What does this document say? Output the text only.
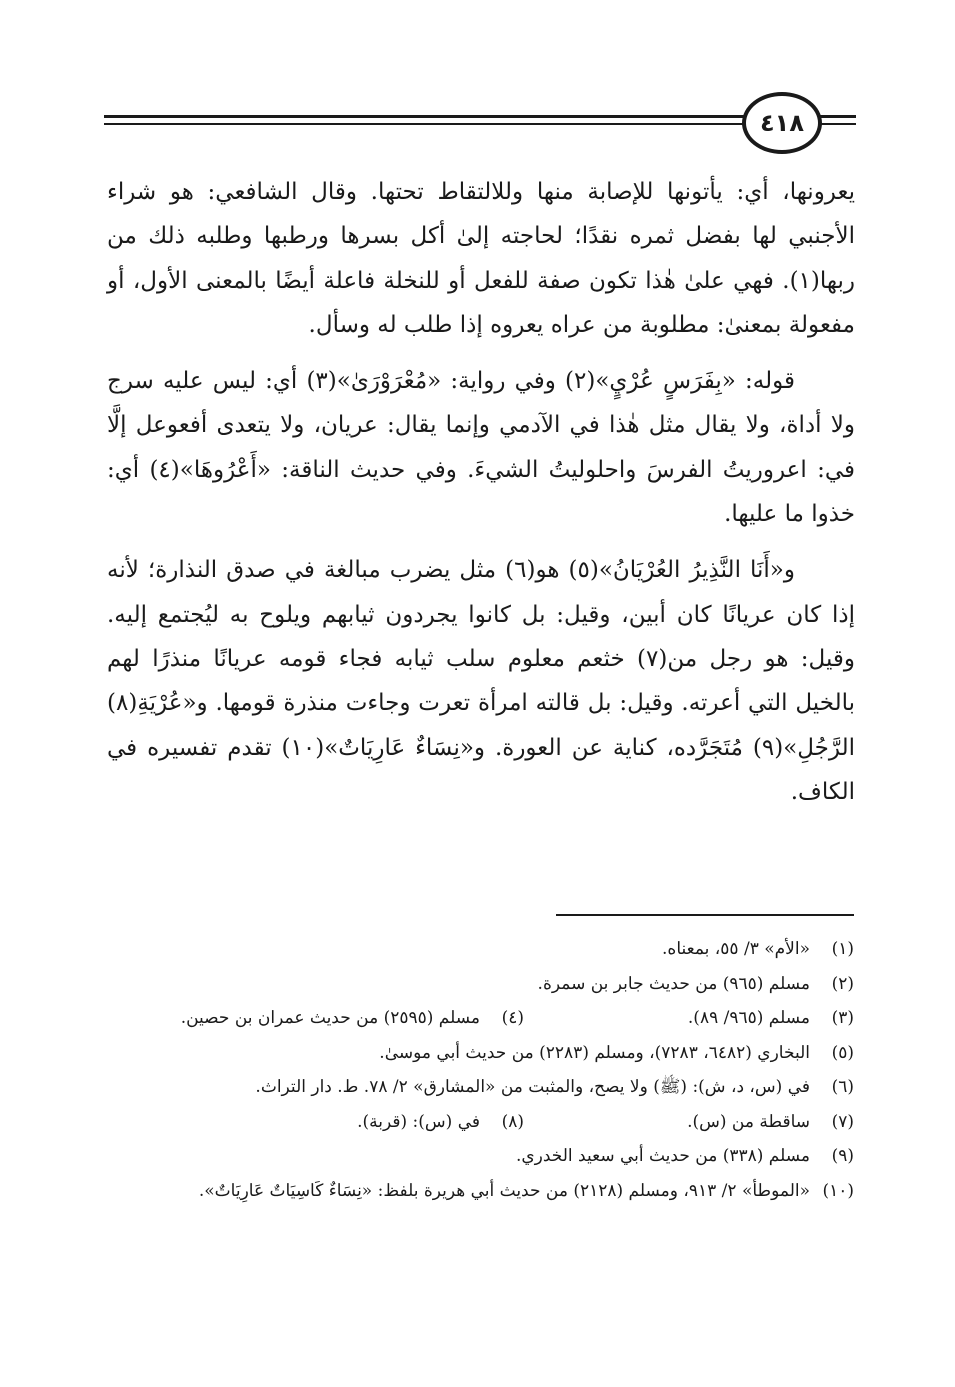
٤١٨

يعرونها، أي: يأتونها للإصابة منها وللالتقاط تحتها. وقال الشافعي: هو شراء الأجنبي لها بفضل ثمره نقدًا؛ لحاجته إلىٰ أكل بسرها ورطبها وطلبه ذلك من ربها(١). فهي علىٰ هٰذا تكون صفة للفعل أو للنخلة فاعلة أيضًا بالمعنى الأول، أو مفعولة بمعنىٰ: مطلوبة من عراه يعروه إذا طلب له وسأل.

قوله: «بِفَرَسٍ عُرْيٍ»(٢) وفي رواية: «مُعْرَوْرَىٰ»(٣) أي: ليس عليه سرج ولا أداة، ولا يقال مثل هٰذا في الآدمي وإنما يقال: عريان، ولا يتعدى أفعوعل إلَّا في: اعروريتُ الفرسَ واحلوليتُ الشيءَ. وفي حديث الناقة: «أَعْرُوهَا»(٤) أي: خذوا ما عليها.

و«أَنَا النَّذِيرُ العُرْيَانُ»(٥) هو(٦) مثل يضرب مبالغة في صدق النذارة؛ لأنه إذا كان عريانًا كان أبين، وقيل: بل كانوا يجردون ثيابهم ويلوح به ليُجتمع إليه. وقيل: هو رجل من(٧) خثعم معلوم سلب ثيابه فجاء قومه عريانًا منذرًا لهم بالخيل التي أعرته. وقيل: بل قالته امرأة تعرت وجاءت منذرة قومها. و«عُرْيَةِ(٨) الرَّجُلِ»(٩) مُتَجَرَّده، كناية عن العورة. و«نِسَاءٌ عَارِيَاتٌ»(١٠) تقدم تفسيره في الكاف.

(١)
«الأم» ٣/ ٥٥، بمعناه.
(٢)
مسلم (٩٦٥) من حديث جابر بن سمرة.
(٣)
مسلم (٩٦٥/ ٨٩).
(٤)
مسلم (٢٥٩٥) من حديث عمران بن حصين.
(٥)
البخاري (٦٤٨٢، ٧٢٨٣)، ومسلم (٢٢٨٣) من حديث أبي موسىٰ.
(٦)
في (س، د، ش): (ﷺ) ولا يصح، والمثبت من «المشارق» ٢/ ٧٨. ط. دار التراث.
(٧)
ساقطة من (س).
(٨)
في (س): (قربة).
(٩)
مسلم (٣٣٨) من حديث أبي سعيد الخدري.
(١٠)
«الموطأ» ٢/ ٩١٣، ومسلم (٢١٢٨) من حديث أبي هريرة بلفظ: «نِسَاءٌ كَاسِيَاتٌ عَارِيَاتٌ».
